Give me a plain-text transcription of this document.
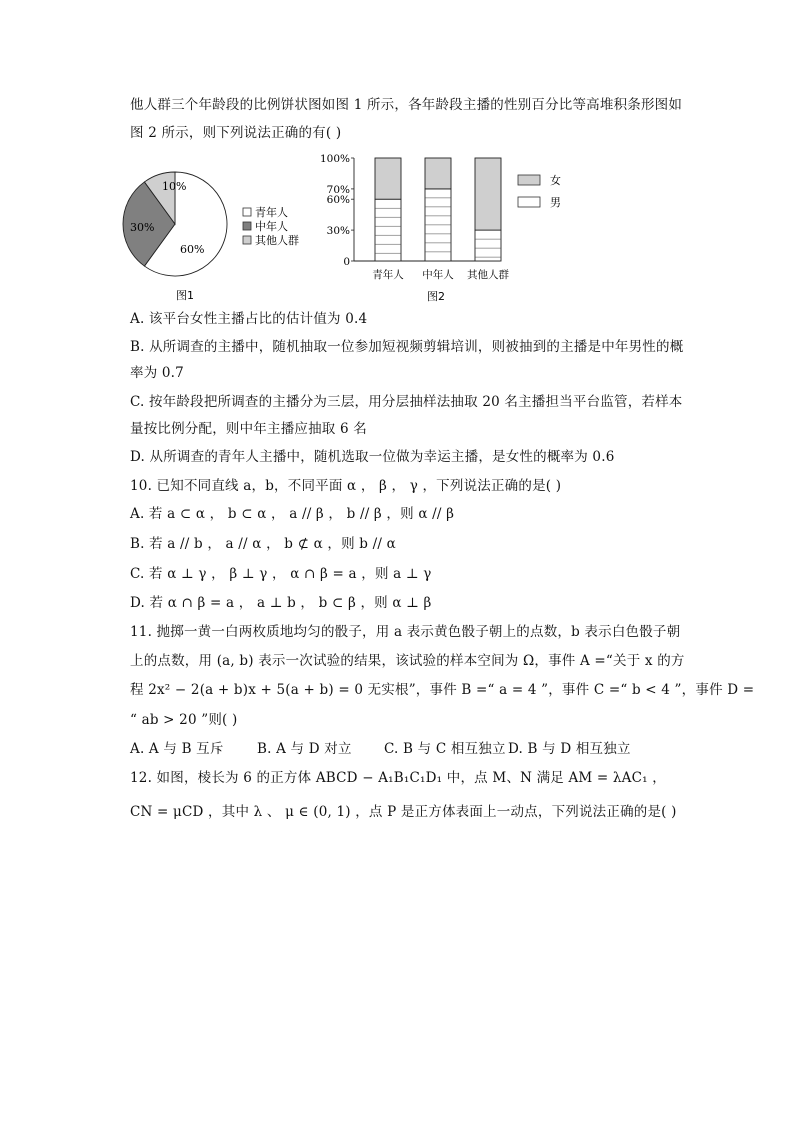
他人群三个年龄段的比例饼状图如图 1 所示，各年龄段主播的性别百分比等高堆积条形图如
图 2 所示，则下列说法正确的有( )
60%
30%
10%
青年人
中年人
其他人群
图1
0
30%
60%
70%
100%
青年人 中年人 其他人群
女
男
图2
A. 该平台女性主播占比的估计值为 0.4
B. 从所调查的主播中，随机抽取一位参加短视频剪辑培训，则被抽到的主播是中年男性的概
率为 0.7
C. 按年龄段把所调查的主播分为三层，用分层抽样法抽取 20 名主播担当平台监管，若样本
量按比例分配，则中年主播应抽取 6 名
D. 从所调查的青年人主播中，随机选取一位做为幸运主播，是女性的概率为 0.6
10. 已知不同直线 a，b，不同平面 α ， β ， γ ，下列说法正确的是( )
A. 若 a ⊂ α ， b ⊂ α ， a // β ， b // β ，则 α // β
B. 若 a // b ， a // α ， b ⊄ α ，则 b // α
C. 若 α ⊥ γ ， β ⊥ γ ， α ∩ β = a ，则 a ⊥ γ
D. 若 α ∩ β = a ， a ⊥ b ， b ⊂ β ，则 α ⊥ β
11. 抛掷一黄一白两枚质地均匀的骰子，用 a 表示黄色骰子朝上的点数，b 表示白色骰子朝
上的点数，用 (a, b) 表示一次试验的结果，该试验的样本空间为 Ω，事件 A =“关于 x 的方
程 2x² − 2(a + b)x + 5(a + b) = 0 无实根”，事件 B =“ a = 4 ”，事件 C =“ b < 4 ”，事件 D =
“ ab > 20 ”则( )
A. A 与 B 互斥 B. A 与 D 对立 C. B 与 C 相互独立 D. B 与 D 相互独立
12. 如图，棱长为 6 的正方体 ABCD − A₁B₁C₁D₁ 中，点 M、N 满足 AM = λAC₁ ，
CN = μCD ，其中 λ 、 μ ∈ (0, 1) ，点 P 是正方体表面上一动点，下列说法正确的是( )
